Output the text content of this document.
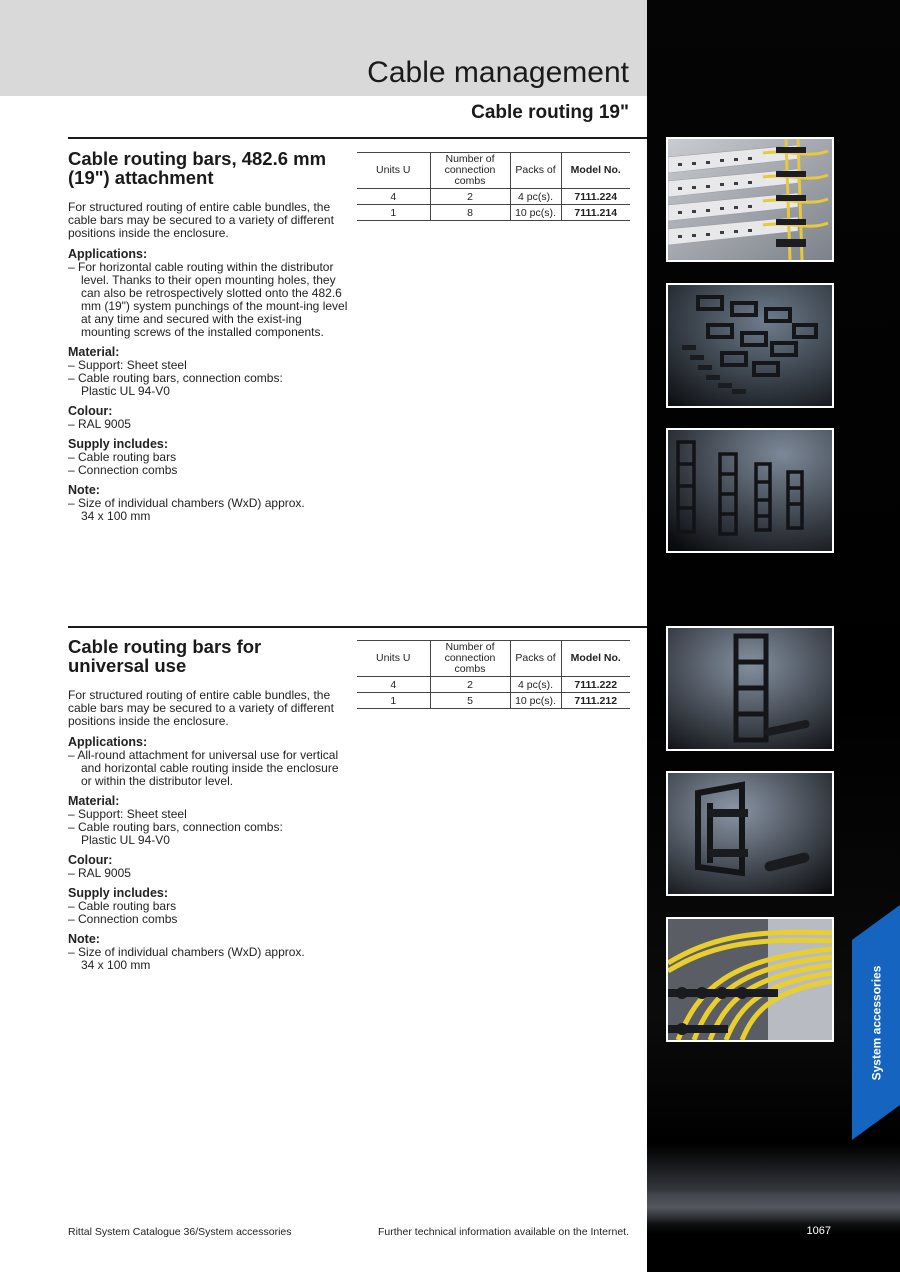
Cable management
Cable routing 19"
Cable routing bars, 482.6 mm
(19") attachment

For structured routing of entire cable bundles, the cable bars may be secured to a variety of different positions inside the enclosure.

Applications:

– For horizontal cable routing within the distributor level. Thanks to their open mounting holes, they can also be retrospectively slotted onto the 482.6 mm (19") system punchings of the mount-ing level at any time and secured with the exist-ing mounting screws of the installed components.

Material:

– Support: Sheet steel

– Cable routing bars, connection combs:

Plastic UL 94-V0

Colour:

– RAL 9005

Supply includes:

– Cable routing bars

– Connection combs

Note:

– Size of individual chambers (WxD) approx.

34 x 100 mm

Units U	Number of connection combs	Packs of	Model No.
4	2	4 pc(s).	7111.224
1	8	10 pc(s).	7111.214
Cable routing bars for
universal use

For structured routing of entire cable bundles, the cable bars may be secured to a variety of different positions inside the enclosure.

Applications:

– All-round attachment for universal use for vertical and horizontal cable routing inside the enclosure or within the distributor level.

Material:

– Support: Sheet steel

– Cable routing bars, connection combs:

Plastic UL 94-V0

Colour:

– RAL 9005

Supply includes:

– Cable routing bars

– Connection combs

Note:

– Size of individual chambers (WxD) approx.

34 x 100 mm

Units U	Number of connection combs	Packs of	Model No.
4	2	4 pc(s).	7111.222
1	5	10 pc(s).	7111.212
System accessories
Rittal System Catalogue 36/System accessories	Further technical information available on the Internet.	1067
